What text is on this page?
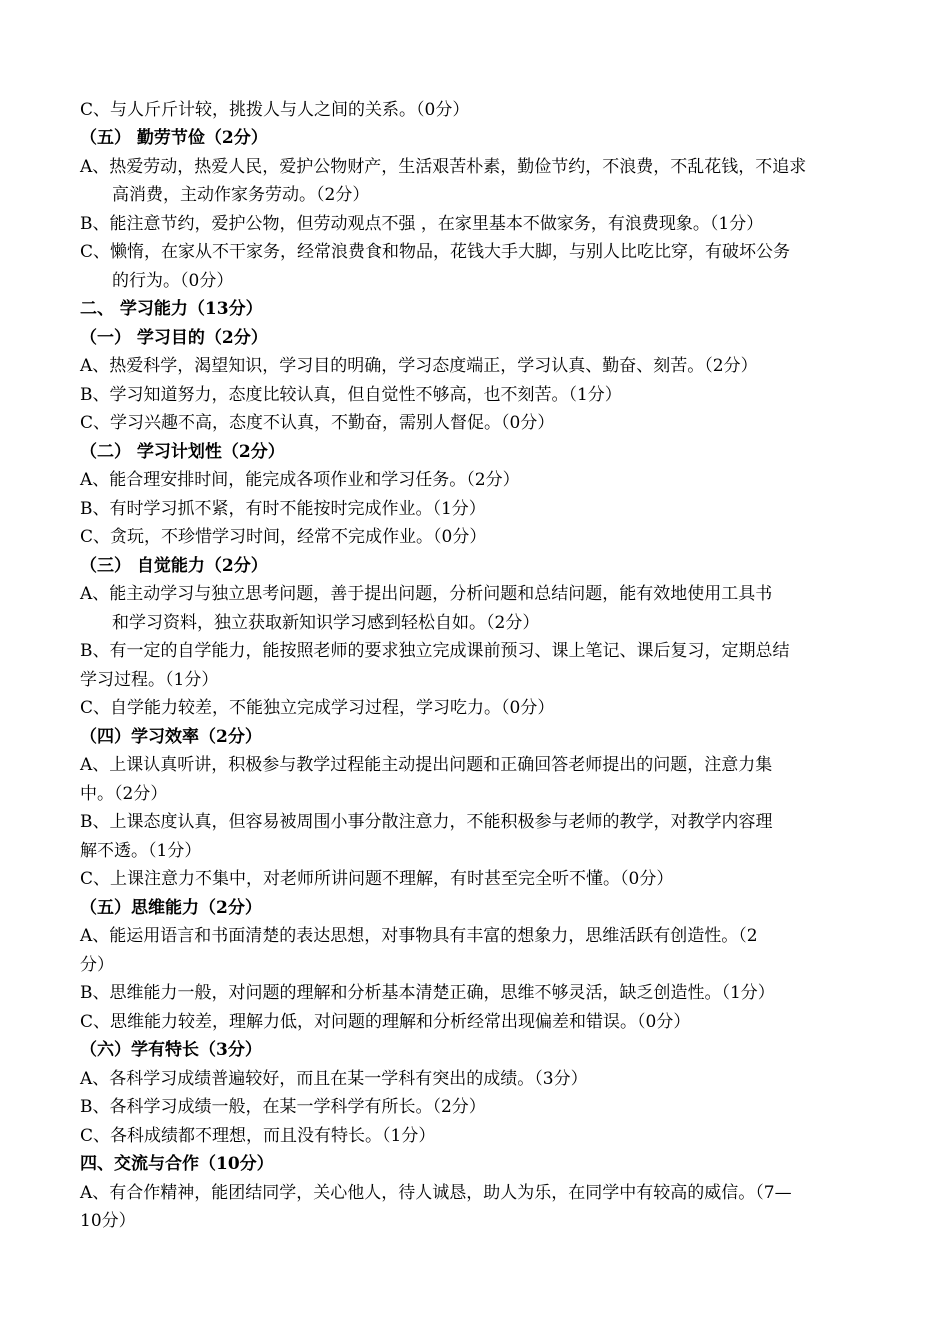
C、与人斤斤计较，挑拨人与人之间的关系。（0分）
（五） 勤劳节俭（2分）
A、热爱劳动，热爱人民，爱护公物财产，生活艰苦朴素，勤俭节约，不浪费，不乱花钱，不追求
高消费，主动作家务劳动。（2分）
B、能注意节约，爱护公物，但劳动观点不强 ，在家里基本不做家务，有浪费现象。（1分）
C、懒惰，在家从不干家务，经常浪费食和物品，花钱大手大脚，与别人比吃比穿，有破坏公务
的行为。（0分）
二、 学习能力（13分）
（一） 学习目的（2分）
A、热爱科学，渴望知识，学习目的明确，学习态度端正，学习认真、勤奋、刻苦。（2分）
B、学习知道努力，态度比较认真，但自觉性不够高，也不刻苦。（1分）
C、学习兴趣不高，态度不认真，不勤奋，需别人督促。（0分）
（二） 学习计划性（2分）
A、能合理安排时间，能完成各项作业和学习任务。（2分）
B、有时学习抓不紧，有时不能按时完成作业。（1分）
C、贪玩，不珍惜学习时间，经常不完成作业。（0分）
（三） 自觉能力（2分）
A、能主动学习与独立思考问题，善于提出问题，分析问题和总结问题，能有效地使用工具书
和学习资料，独立获取新知识学习感到轻松自如。（2分）
B、有一定的自学能力，能按照老师的要求独立完成课前预习、课上笔记、课后复习，定期总结
学习过程。（1分）
C、自学能力较差，不能独立完成学习过程，学习吃力。（0分）
（四）学习效率（2分）
A、上课认真听讲，积极参与教学过程能主动提出问题和正确回答老师提出的问题，注意力集
中。（2分）
B、上课态度认真，但容易被周围小事分散注意力，不能积极参与老师的教学，对教学内容理
解不透。（1分）
C、上课注意力不集中，对老师所讲问题不理解，有时甚至完全听不懂。（0分）
（五）思维能力（2分）
A、能运用语言和书面清楚的表达思想，对事物具有丰富的想象力，思维活跃有创造性。（2
分）
B、思维能力一般，对问题的理解和分析基本清楚正确，思维不够灵活，缺乏创造性。（1分）
C、思维能力较差，理解力低，对问题的理解和分析经常出现偏差和错误。（0分）
（六）学有特长（3分）
A、各科学习成绩普遍较好，而且在某一学科有突出的成绩。（3分）
B、各科学习成绩一般，在某一学科学有所长。（2分）
C、各科成绩都不理想，而且没有特长。（1分）
四、交流与合作（10分）
A、有合作精神，能团结同学，关心他人，待人诚恳，助人为乐，在同学中有较高的威信。（7—
10分）
